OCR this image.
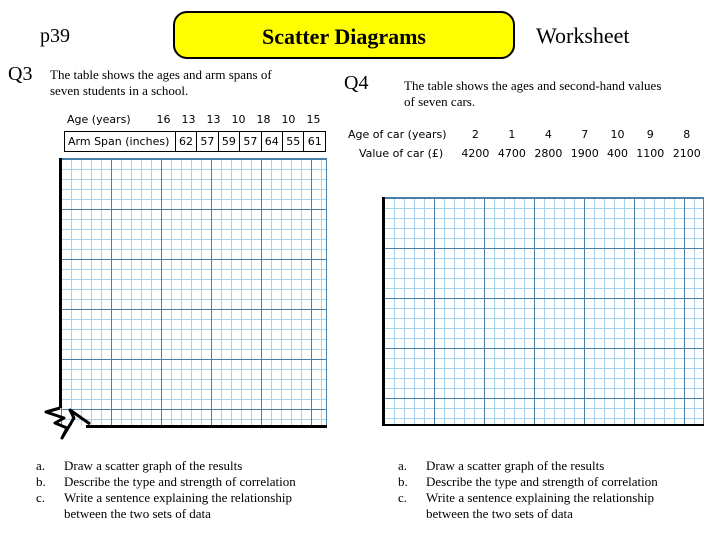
p39	Scatter Diagrams	Worksheet
Q3 The table shows the ages and arm spans of
seven students in a school.
Age (years)	16	13	13	10	18	10	15
Arm Span (inches)	62	57	59	57	64	55	61
a.	Draw a scatter graph of the results
b.	Describe the type and strength of correlation
c.	Write a sentence explaining the relationship
between the two sets of data
Q4	The table shows the ages and second-hand values
of seven cars.
Age of car (years)	2	1	4	7	10	9	8
Value of car (£)	4200	4700	2800	1900	400	1100	2100
a.	Draw a scatter graph of the results
b.	Describe the type and strength of correlation
c.	Write a sentence explaining the relationship
between the two sets of data
